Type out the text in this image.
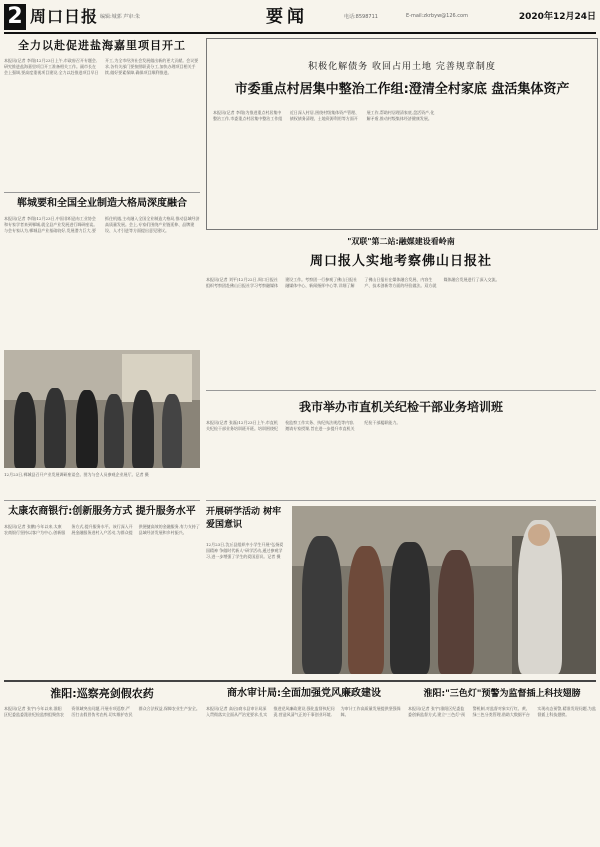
2 周口日报 编辑:城郭 声审:朱	要闻	电话:8598711	E-mail:zkrbyw@126.com	2020年12月24日
全力以赴促进盐海嘉里项目开工
本报讯(记者 李翔)12月23日上午,市政府召开专题会,研究推进盐海嘉里项目开工准备相关工作。副市长在会上强调,要高度重视项目建设,全力以赴推进项目早日开工,为全市经济社会发展做出新的更大贡献。会议要求,各有关部门要按照职责分工,加快办理项目相关手续,做好要素保障,确保项目顺利推进。
郸城要和全国全业制造大格局深度融合
本报讯(记者 李翔)12月23日,中国非织造布工业协会和专家学者来到郸城,就全县产业发展进行调研座谈。与会专家认为,郸城县产业基础较好,发展潜力巨大,要抓住机遇,主动融入全国全业制造大格局,推动县域经济高质量发展。会上,专家们围绕产业链延伸、品牌建设、人才引进等方面提出意见建议。
12月23日,郸城县召开产业发展调研座谈会。图为与会人员参观企业展厅。记者 摄
太康农商银行:创新服务方式 提升服务水平
本报讯(记者 张鹏)今年以来,太康农商银行坚持以客户为中心,创新服务方式,提升服务水平。该行深入开展金融服务进村入户活动,为群众提供便捷高效的金融服务,有力支持了县域经济发展和乡村振兴。
积极化解债务 收回占用土地 完善规章制度
市委重点村居集中整治工作组:澄清全村家底 盘活集体资产
本报讯(记者 李翔)为推进重点村居集中整治工作,市委重点村居集中整治工作组近日深入村居,围绕村级集体资产管理、债权债务清理、土地资源利用等方面开展工作,帮助村居理清家底,盘活资产,化解矛盾,推动村级集体经济健康发展。
"双联"第二站:融媒建设看岭南
周口报人实地考察佛山日报社
本报讯(记者 刘平)12月22日,周口日报社组织考察团赴佛山日报社学习考察融媒体建设工作。考察团一行参观了佛山日报社融媒体中心、新闻指挥中心等,详细了解了佛山日报社在媒体融合发展、内容生产、技术创新等方面的经验做法。双方就媒体融合发展进行了深入交流。
我市举办市直机关纪检干部业务培训班
本报讯(记者 张磊)12月23日上午,市直机关纪检干部业务培训班开班。培训围绕纪检监察工作实务、执纪执法规范等内容,邀请专家授课,旨在进一步提升市直机关纪检干部履职能力。
开展研学活动 树牢爱国意识
12月23日,沈丘县组织中小学生开展"弘扬爱国精神 争做时代新人"研学活动,通过参观学习,进一步增强了学生的爱国意识。记者 摄
淮阳:巡察亮剑假农药
本报讯(记者 张宇)今年以来,淮阳区纪委监委派驻纪检监察组聚焦农资领域突出问题,开展专项巡察,严厉打击假冒伪劣农药,切实维护农民群众合法权益,保障农业生产安全。
商水审计局:全面加强党风廉政建设
本报讯(记者 高启)商水县审计局深入贯彻落实全面从严治党要求,扎实推进党风廉政建设,强化监督执纪问责,营造风清气正的干事创业环境,为审计工作高质量发展提供坚强保障。
淮阳:"三色灯"预警为监督插上科技翅膀
本报讯(记者 张宇)淮阳区纪委监委创新监督方式,建立"三色灯"预警机制,对监督对象实行红、黄、绿三色分类管理,借助大数据平台实现动态预警,精准发现问题,为监督插上科技翅膀。
